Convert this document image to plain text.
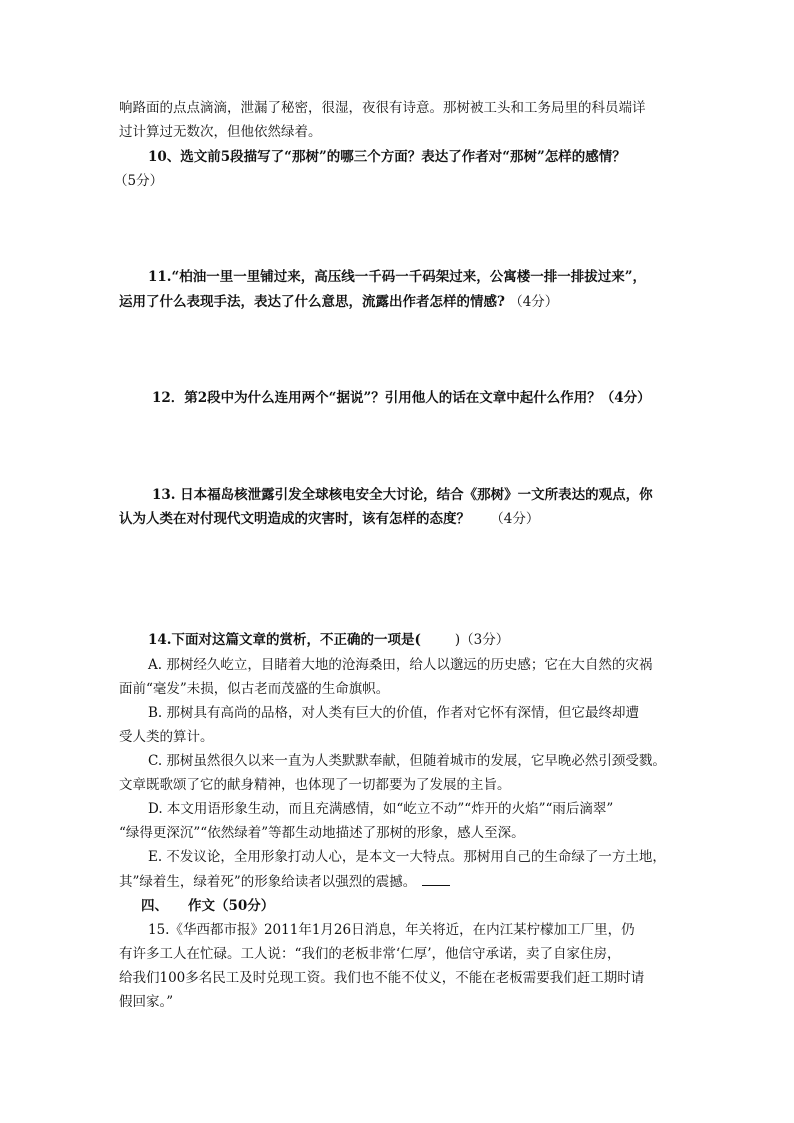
响路面的点点滴滴，泄漏了秘密，很湿，夜很有诗意。那树被工头和工务局里的科员端详
过计算过无数次，但他依然绿着。
10、选文前5段描写了“那树”的哪三个方面？表达了作者对“那树”怎样的感情？
（5分）
11.“柏油一里一里铺过来，高压线一千码一千码架过来，公寓楼一排一排拔过来”，
运用了什么表现手法，表达了什么意思，流露出作者怎样的情感? （4分）
12．第2段中为什么连用两个“据说”？引用他人的话在文章中起什么作用？（4分）
13. 日本福岛核泄露引发全球核电安全大讨论，结合《那树》一文所表达的观点，你
认为人类在对付现代文明造成的灾害时，该有怎样的态度？ （4分）
14.下面对这篇文章的赏析，不正确的一项是(	)（3分）
A. 那树经久屹立，目睹着大地的沧海桑田，给人以邈远的历史感；它在大自然的灾祸
面前“毫发”未损，似古老而茂盛的生命旗帜。
B. 那树具有高尚的品格，对人类有巨大的价值，作者对它怀有深情，但它最终却遭
受人类的算计。
C. 那树虽然很久以来一直为人类默默奉献，但随着城市的发展，它早晚必然引颈受戮。
文章既歌颂了它的献身精神，也体现了一切都要为了发展的主旨。
D. 本文用语形象生动，而且充满感情，如“屹立不动”“炸开的火焰”“雨后滴翠”
“绿得更深沉”“依然绿着”等都生动地描述了那树的形象，感人至深。
E. 不发议论，全用形象打动人心，是本文一大特点。那树用自己的生命绿了一方土地，
其”绿着生，绿着死”的形象给读者以强烈的震撼。
四、 作文（50分）
15.《华西都市报》2011年1月26日消息，年关将近，在内江某柠檬加工厂里，仍
有许多工人在忙碌。工人说：“我们的老板非常‘仁厚’，他信守承诺，卖了自家住房，
给我们100多名民工及时兑现工资。我们也不能不仗义，不能在老板需要我们赶工期时请
假回家。”
